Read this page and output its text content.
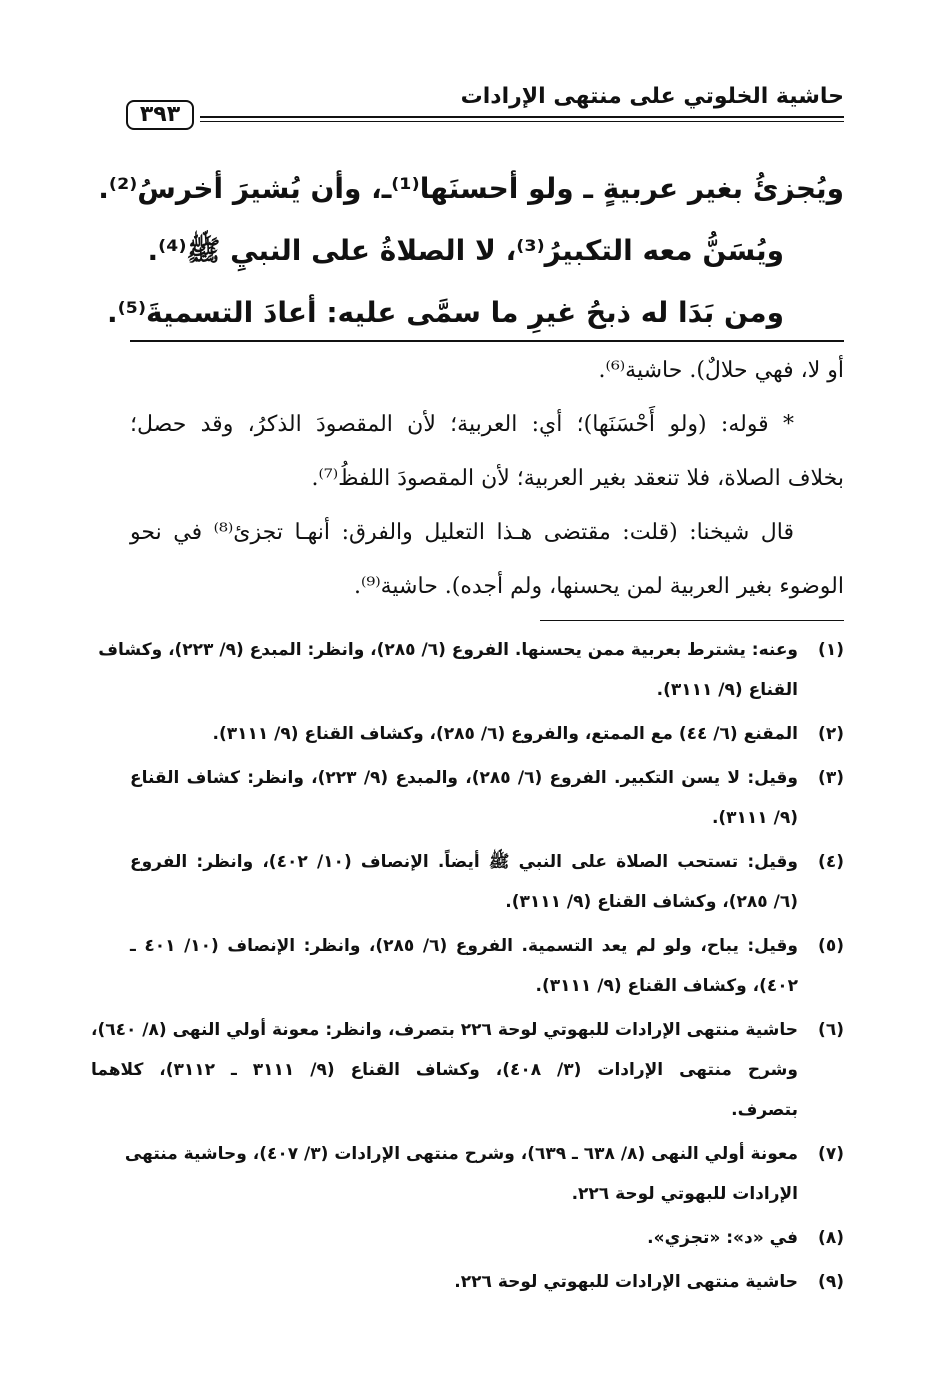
حاشية الخلوتي على منتهى الإرادات
٣٩٣
ويُجزئُ بغير عربيةٍ ـ ولو أحسنَها⁽¹⁾ـ، وأن يُشيرَ أخرسُ⁽²⁾.
ويُسَنُّ معه التكبيرُ⁽³⁾، لا الصلاةُ على النبيِ ﷺ⁽⁴⁾.
ومن بَدَا له ذبحُ غيرِ ما سمَّى عليه: أعادَ التسميةَ⁽⁵⁾.
أو لا، فهي حلالٌ). حاشية⁽⁶⁾.
* قوله: (ولو أَحْسَنَها)؛ أي: العربية؛ لأن المقصودَ الذكرُ، وقد حصل؛
بخلاف الصلاة، فلا تنعقد بغير العربية؛ لأن المقصودَ اللفظُ⁽⁷⁾.
قال شيخنا: (قلت: مقتضى هـذا التعليل والفرق: أنهـا تجزئ⁽⁸⁾ في نحو
الوضوء بغير العربية لمن يحسنها، ولم أجده). حاشية⁽⁹⁾.
(١)
وعنه: يشترط بعربية ممن يحسنها. الفروع (٦/ ٢٨٥)، وانظر: المبدع (٩/ ٢٢٣)، وكشاف
القناع (٩/ ٣١١١).
(٢)
المقنع (٦/ ٤٤) مع الممتع، والفروع (٦/ ٢٨٥)، وكشاف القناع (٩/ ٣١١١).
(٣)
وقيل: لا يسن التكبير. الفروع (٦/ ٢٨٥)، والمبدع (٩/ ٢٢٣)، وانظر: كشاف القناع
(٩/ ٣١١١).
(٤)
وقيل: تستحب الصلاة على النبي ﷺ أيضاً. الإنصاف (١٠/ ٤٠٢)، وانظر: الفروع
(٦/ ٢٨٥)، وكشاف القناع (٩/ ٣١١١).
(٥)
وقيل: يباح، ولو لم يعد التسمية. الفروع (٦/ ٢٨٥)، وانظر: الإنصاف (١٠/ ٤٠١ ـ
٤٠٢)، وكشاف القناع (٩/ ٣١١١).
(٦)
حاشية منتهى الإرادات للبهوتي لوحة ٢٢٦ بتصرف، وانظر: معونة أولي النهى (٨/ ٦٤٠)،
وشرح منتهى الإرادات (٣/ ٤٠٨)، وكشاف القناع (٩/ ٣١١١ ـ ٣١١٢)، كلاهما
بتصرف.
(٧)
معونة أولي النهى (٨/ ٦٣٨ ـ ٦٣٩)، وشرح منتهى الإرادات (٣/ ٤٠٧)، وحاشية منتهى
الإرادات للبهوتي لوحة ٢٢٦.
(٨)
في «د»: «تجزي».
(٩)
حاشية منتهى الإرادات للبهوتي لوحة ٢٢٦.
